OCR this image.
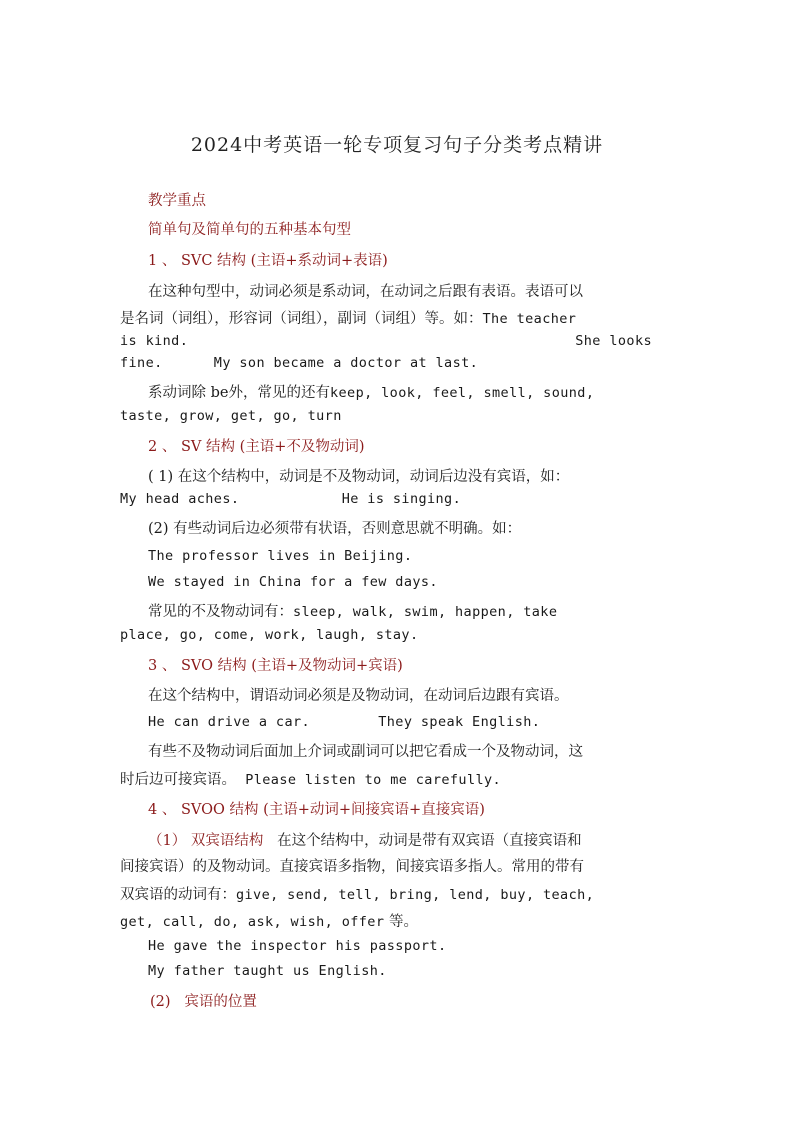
2024中考英语一轮专项复习句子分类考点精讲
教学重点
简单句及简单句的五种基本句型
1 、 SVC 结构 (主语+系动词+表语)
在这种句型中，动词必须是系动词，在动词之后跟有表语。表语可以
是名词（词组），形容词（词组），副词（词组）等。如：The teacher
is kind.	She looks
fine.      My son became a doctor at last.
系动词除 be外，常见的还有keep, look, feel, smell, sound,
taste, grow, get, go, turn
2 、 SV 结构 (主语+不及物动词)
( 1) 在这个结构中，动词是不及物动词，动词后边没有宾语，如：
My head aches.            He is singing.
(2) 有些动词后边必须带有状语，否则意思就不明确。如：
The professor lives in Beijing.
We stayed in China for a few days.
常见的不及物动词有：sleep, walk, swim, happen, take
place, go, come, work, laugh, stay.
3 、 SVO 结构 (主语+及物动词+宾语)
在这个结构中，谓语动词必须是及物动词，在动词后边跟有宾语。
He can drive a car.        They speak English.
有些不及物动词后面加上介词或副词可以把它看成一个及物动词，这
时后边可接宾语。 Please listen to me carefully.
4 、 SVOO 结构 (主语+动词+间接宾语+直接宾语)
（1） 双宾语结构 在这个结构中，动词是带有双宾语（直接宾语和
间接宾语）的及物动词。直接宾语多指物，间接宾语多指人。常用的带有
双宾语的动词有：give, send, tell, bring, lend, buy, teach,
get, call, do, ask, wish, offer 等。
He gave the inspector his passport.
My father taught us English.
(2) 宾语的位置
